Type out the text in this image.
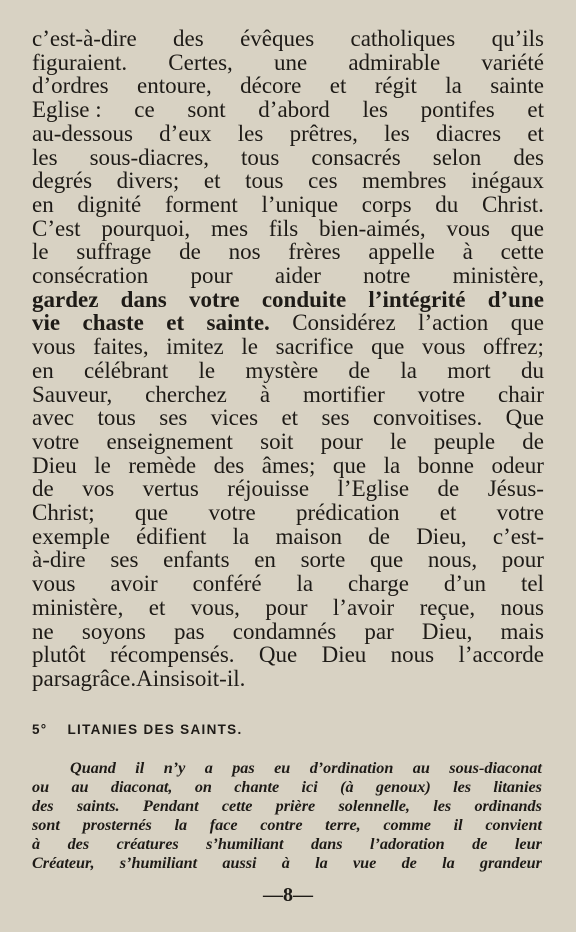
c’est-à-dire des évêques catholiques qu’ils
figuraient. Certes, une admirable variété
d’ordres entoure, décore et régit la sainte
Eglise : ce sont d’abord les pontifes et
au-dessous d’eux les prêtres, les diacres et
les sous-diacres, tous consacrés selon des
degrés divers; et tous ces membres inégaux
en dignité forment l’unique corps du Christ.
C’est pourquoi, mes fils bien-aimés, vous que
le suffrage de nos frères appelle à cette
consécration pour aider notre ministère,
gardez dans votre conduite l’intégrité d’une
vie chaste et sainte. Considérez l’action que
vous faites, imitez le sacrifice que vous offrez;
en célébrant le mystère de la mort du
Sauveur, cherchez à mortifier votre chair
avec tous ses vices et ses convoitises. Que
votre enseignement soit pour le peuple de
Dieu le remède des âmes; que la bonne odeur
de vos vertus réjouisse l’Eglise de Jésus-
Christ; que votre prédication et votre
exemple édifient la maison de Dieu, c’est-
à-dire ses enfants en sorte que nous, pour
vous avoir conféré la charge d’un tel
ministère, et vous, pour l’avoir reçue, nous
ne soyons pas condamnés par Dieu, mais
plutôt récompensés. Que Dieu nous l’accorde
par sa grâce. Ainsi soit-il.
5° LITANIES DES SAINTS.
Quand il n’y a pas eu d’ordination au sous-diaconat
ou au diaconat, on chante ici (à genoux) les litanies
des saints. Pendant cette prière solennelle, les ordinands
sont prosternés la face contre terre, comme il convient
à des créatures s’humiliant dans l’adoration de leur
Créateur, s’humiliant aussi à la vue de la grandeur
—8—
